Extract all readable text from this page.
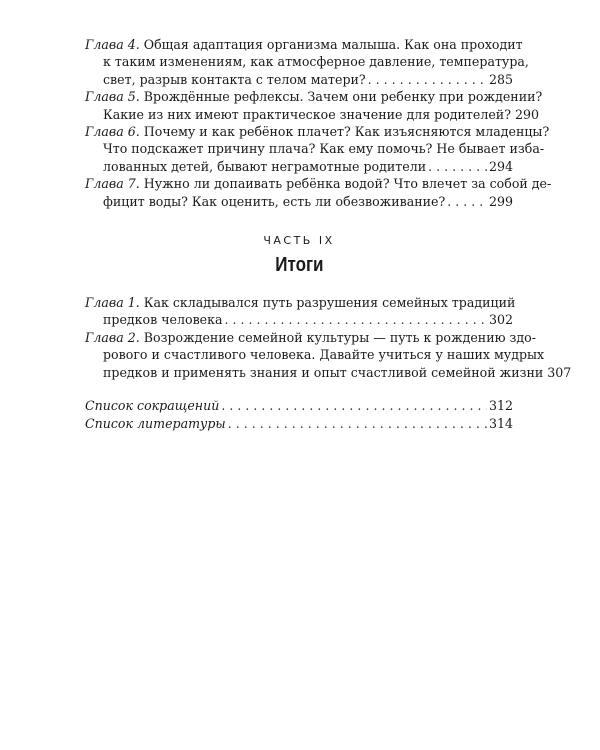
Глава 4. Общая адаптация организма малыша. Как она проходит
к таким изменениям, как атмосферное давление, температура,
свет, разрыв контакта с телом матери? . . .	285
Глава 5. Врождённые рефлексы. Зачем они ребенку при рождении?
Какие из них имеют практическое значение для родителей? 290
Глава 6. Почему и как ребёнок плачет? Как изъясняются младенцы?
Что подскажет причину плача? Как ему помочь? Не бывает избa-
лованных детей, бывают неграмотные родители . . .	294
Глава 7. Нужно ли допаивать ребёнка водой? Что влечет за собой де-
фицит воды? Как оценить, есть ли обезвоживание? . . .	299
ЧАСТЬ IX
Итоги
Глава 1. Как складывался путь разрушения семейных традиций
предков человека . . .	302
Глава 2. Возрождение семейной культуры — путь к рождению здо-
рового и счастливого человека. Давайте учиться у наших мудрых
предков и применять знания и опыт счастливой семейной жизни 307
Список сокращений . . .	312
Список литературы . . .	314
